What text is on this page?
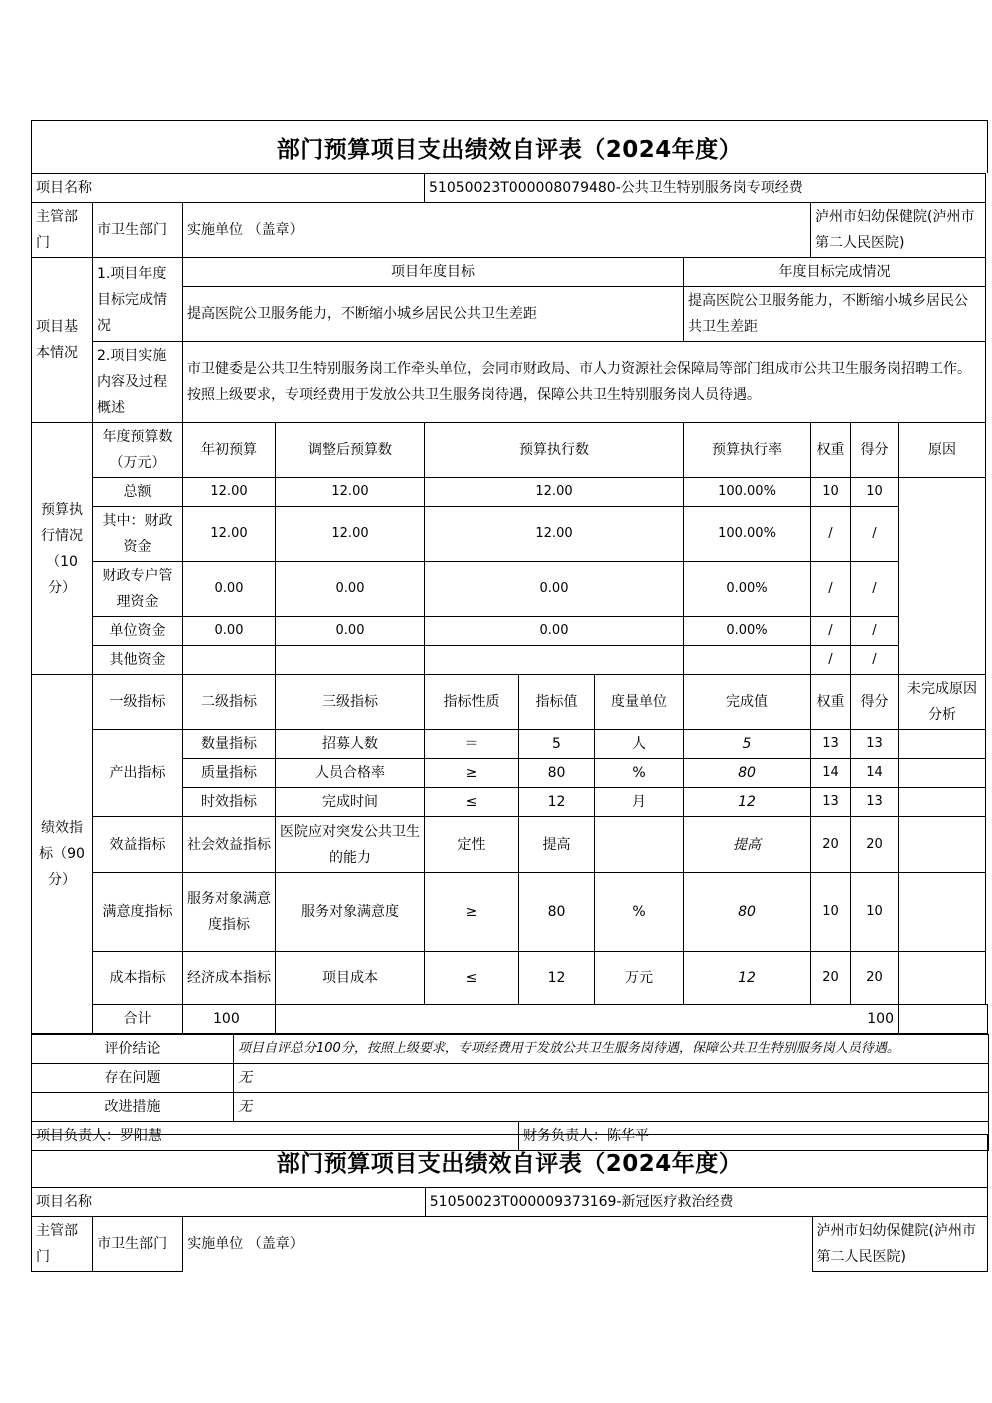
部门预算项目支出绩效自评表（2024年度）
项目名称				51050023T000008079480-公共卫生特别服务岗专项经费						
主管部门	市卫生部门	实施单位 （盖章）						泸州市妇幼保健院(泸州市第二人民医院)		
项目基本情况	1.项目年度目标完成情况	项目年度目标					年度目标完成情况			
		提高医院公卫服务能力，不断缩小城乡居民公共卫生差距					提高医院公卫服务能力，不断缩小城乡居民公共卫生差距			
	2.项目实施内容及过程概述	市卫健委是公共卫生特别服务岗工作牵头单位，会同市财政局、市人力资源社会保障局等部门组成市公共卫生服务岗招聘工作。按照上级要求，专项经费用于发放公共卫生服务岗待遇，保障公共卫生特别服务岗人员待遇。								
预算执行情况（10分）	年度预算数（万元）	年初预算	调整后预算数	预算执行数			预算执行率	权重	得分	原因
	总额	12.00	12.00	12.00			100.00%	10	10	
	其中：财政资金	12.00	12.00	12.00			100.00%	/	/	
	财政专户管理资金	0.00	0.00	0.00			0.00%	/	/	
	单位资金	0.00	0.00	0.00			0.00%	/	/	
	其他资金							/	/	
绩效指标（90分）	一级指标	二级指标	三级指标	指标性质	指标值	度量单位	完成值	权重	得分	未完成原因分析
	产出指标	数量指标	招募人数	＝	5	人	5	13	13	
		质量指标	人员合格率	≥	80	%	80	14	14	
		时效指标	完成时间	≤	12	月	12	13	13	
	效益指标	社会效益指标	医院应对突发公共卫生的能力	定性	提高		提高	20	20	
	满意度指标	服务对象满意度指标	服务对象满意度	≥	80	%	80	10	10	
	成本指标	经济成本指标	项目成本	≤	12	万元	12	20	20	
	合计	100	100							
评价结论	项目自评总分100分，按照上级要求，专项经费用于发放公共卫生服务岗待遇，保障公共卫生特别服务岗人员待遇。	
存在问题	无	
改进措施	无	
项目负责人：罗阳慧		财务负责人：陈华平
部门预算项目支出绩效自评表（2024年度）
项目名称			51050023T000009373169-新冠医疗救治经费	
主管部门	市卫生部门	实施单位 （盖章）		泸州市妇幼保健院(泸州市第二人民医院)
